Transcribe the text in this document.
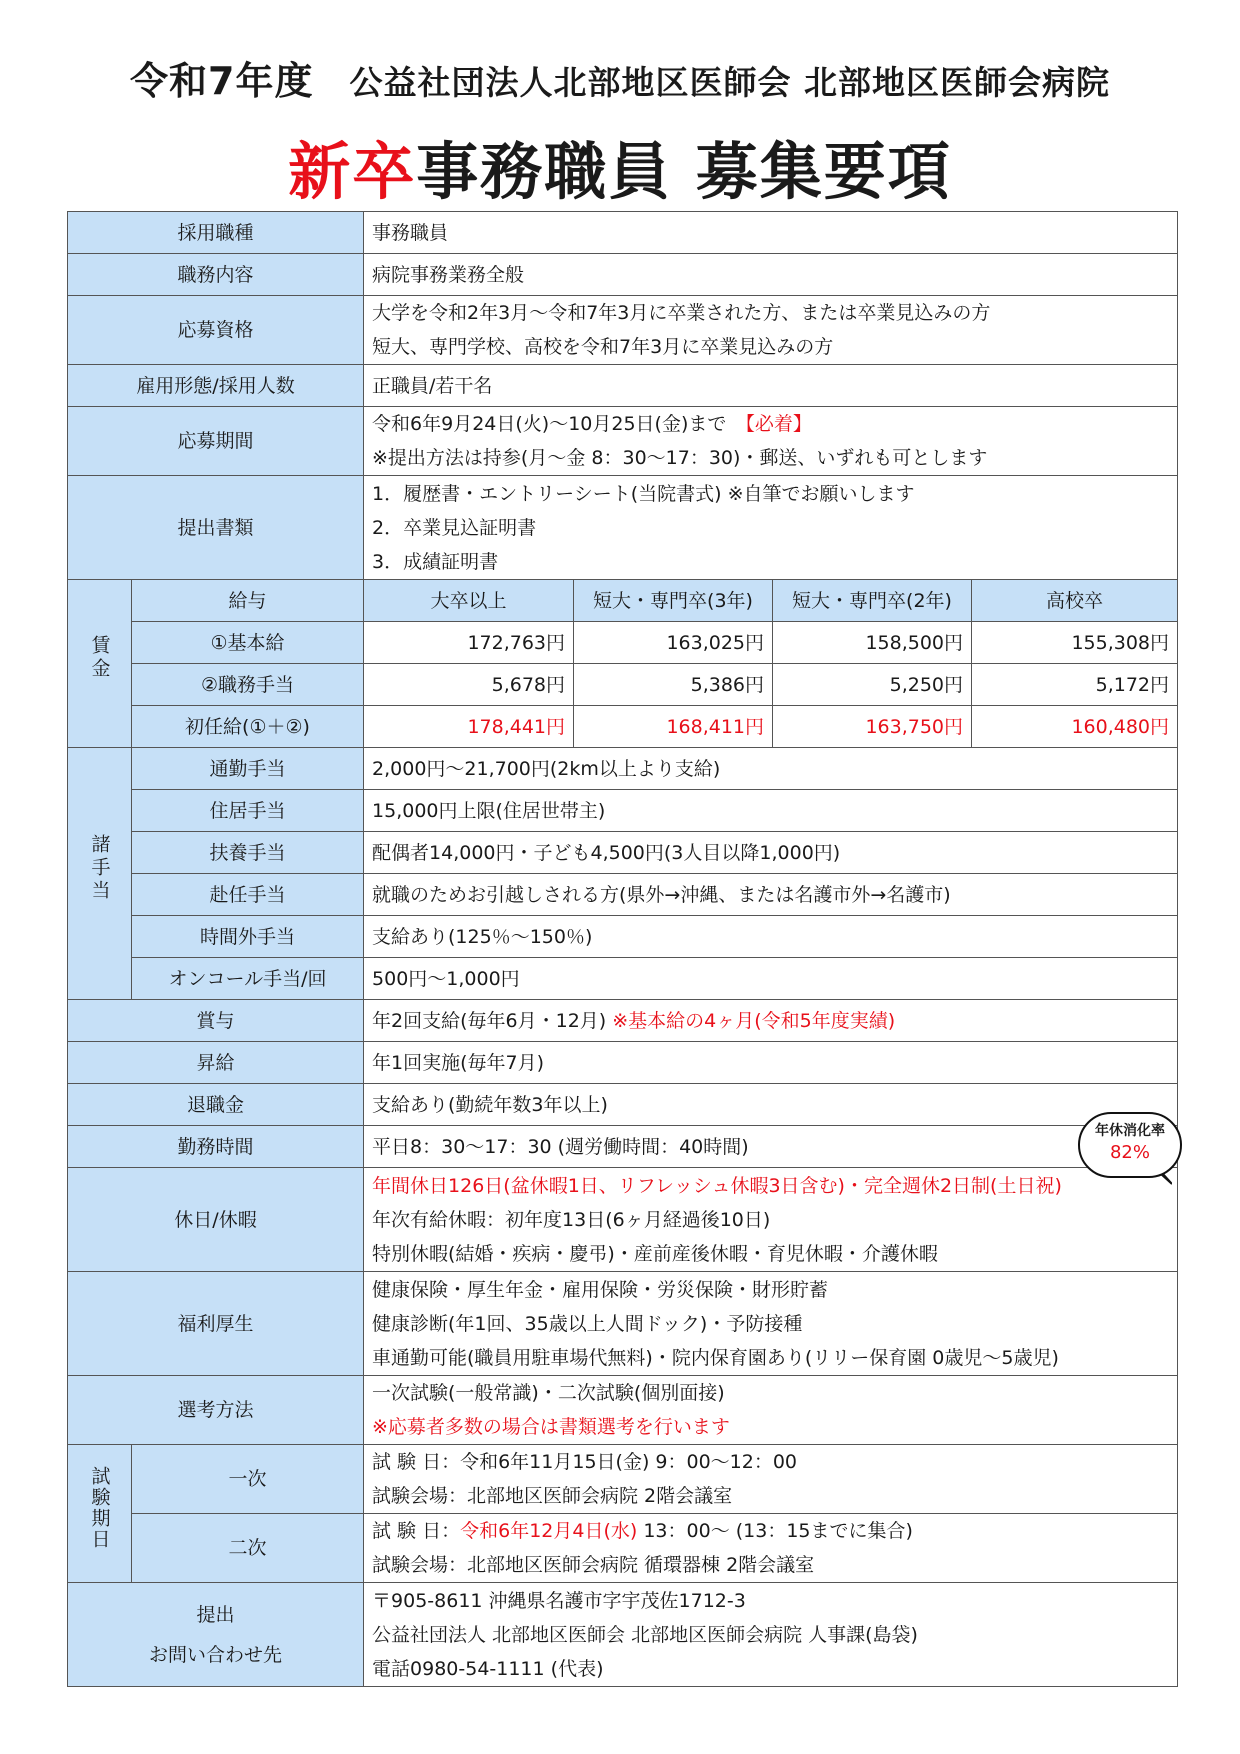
令和7年度 公益社団法人北部地区医師会 北部地区医師会病院
新卒事務職員 募集要項
採用職種		事務職員			
職務内容		病院事務業務全般			
応募資格		大学を令和2年3月～令和7年3月に卒業された方、または卒業見込みの方
短大、専門学校、高校を令和7年3月に卒業見込みの方			

雇用形態/採用人数		正職員/若干名			
応募期間		令和6年9月24日(火)～10月25日(金)まで　 【必着】
※提出方法は持参(月～金 8：30～17：30)・郵送、いずれも可とします			

提出書類		1．履歴書・エントリーシート(当院書式) ※自筆でお願いします
2．卒業見込証明書
3．成績証明書			

賃金	給与	大卒以上	短大・専門卒(3年)	短大・専門卒(2年)	高校卒
	①基本給	172,763円	163,025円	158,500円	155,308円
	②職務手当	5,678円	5,386円	5,250円	5,172円
	初任給(①＋②)	178,441円	168,411円	163,750円	160,480円
諸手当	通勤手当	2,000円～21,700円(2km以上より支給)			
	住居手当	15,000円上限(住居世帯主)			
	扶養手当	配偶者14,000円・子ども4,500円(3人目以降1,000円)			
	赴任手当	就職のためお引越しされる方(県外→沖縄、または名護市外→名護市)			
	時間外手当	支給あり(125％～150％)			
	オンコール手当/回	500円～1,000円			
賞与		年2回支給(毎年6月・12月) ※基本給の4ヶ月(令和5年度実績)			
昇給		年1回実施(毎年7月)			
退職金		支給あり(勤続年数3年以上)			
勤務時間		平日8：30～17：30 (週労働時間：40時間)			
休日/休暇		年間休日126日(盆休暇1日、リフレッシュ休暇3日含む)・完全週休2日制(土日祝)
年次有給休暇：初年度13日(6ヶ月経過後10日)
特別休暇(結婚・疾病・慶弔)・産前産後休暇・育児休暇・介護休暇			

福利厚生		健康保険・厚生年金・雇用保険・労災保険・財形貯蓄
健康診断(年1回、35歳以上人間ドック)・予防接種
車通勤可能(職員用駐車場代無料)・院内保育園あり(リリー保育園 0歳児～5歳児)			

選考方法		一次試験(一般常識)・二次試験(個別面接)
※応募者多数の場合は書類選考を行います			

試験期日	一次	試 験 日：令和6年11月15日(金) 9：00～12：00
試験会場：北部地区医師会病院 2階会議室			

	二次	試 験 日：令和6年12月4日(水) 13：00～ (13：15までに集合)
試験会場：北部地区医師会病院 循環器棟 2階会議室			

提出
お問い合わせ先		〒905-8611 沖縄県名護市字宇茂佐1712-3
公益社団法人 北部地区医師会 北部地区医師会病院 人事課(島袋)
電話0980-54-1111 (代表)			
年休消化率
82%
